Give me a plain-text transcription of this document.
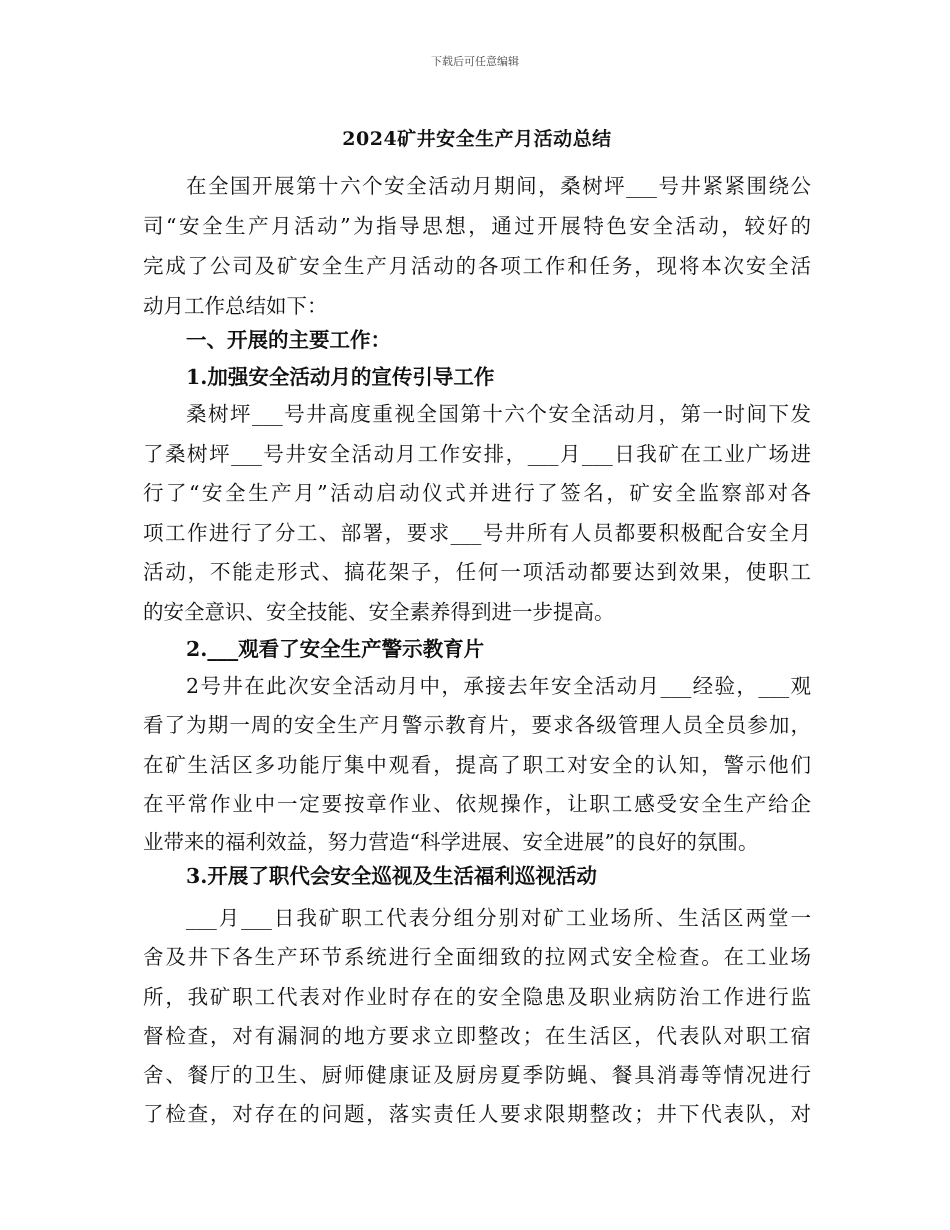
下载后可任意编辑
2024矿井安全生产月活动总结
在全国开展第十六个安全活动月期间，桑树坪___号井紧紧围绕公
司“安全生产月活动”为指导思想，通过开展特色安全活动，较好的
完成了公司及矿安全生产月活动的各项工作和任务，现将本次安全活
动月工作总结如下：
一、开展的主要工作：
1.加强安全活动月的宣传引导工作
桑树坪___号井高度重视全国第十六个安全活动月，第一时间下发
了桑树坪___号井安全活动月工作安排，___月___日我矿在工业广场进
行了“安全生产月”活动启动仪式并进行了签名，矿安全监察部对各
项工作进行了分工、部署，要求___号井所有人员都要积极配合安全月
活动，不能走形式、搞花架子，任何一项活动都要达到效果，使职工
的安全意识、安全技能、安全素养得到进一步提高。
2.___观看了安全生产警示教育片
2号井在此次安全活动月中，承接去年安全活动月___经验，___观
看了为期一周的安全生产月警示教育片，要求各级管理人员全员参加，
在矿生活区多功能厅集中观看，提高了职工对安全的认知，警示他们
在平常作业中一定要按章作业、依规操作，让职工感受安全生产给企
业带来的福利效益，努力营造“科学进展、安全进展”的良好的氛围。
3.开展了职代会安全巡视及生活福利巡视活动
___月___日我矿职工代表分组分别对矿工业场所、生活区两堂一
舍及井下各生产环节系统进行全面细致的拉网式安全检查。在工业场
所，我矿职工代表对作业时存在的安全隐患及职业病防治工作进行监
督检查，对有漏洞的地方要求立即整改；在生活区，代表队对职工宿
舍、餐厅的卫生、厨师健康证及厨房夏季防蝇、餐具消毒等情况进行
了检查，对存在的问题，落实责任人要求限期整改；井下代表队，对
